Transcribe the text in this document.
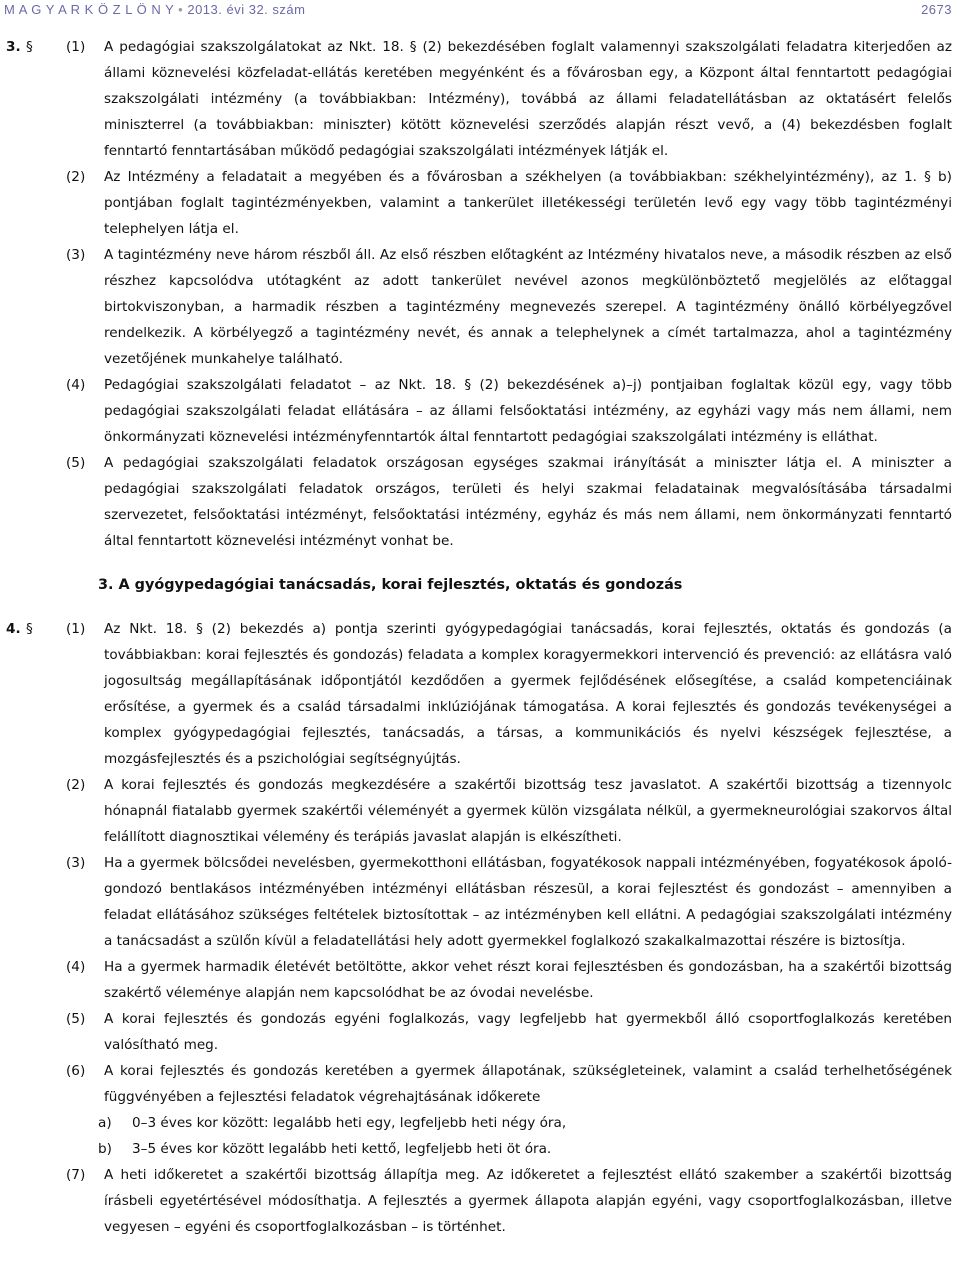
M A G Y A R K Ö Z L Ö N Y • 2013. évi 32. szám	2673
3. §	(1)	A pedagógiai szakszolgálatokat az Nkt. 18. § (2) bekezdésében foglalt valamennyi szakszolgálati feladatra kiterjedően az állami köznevelési közfeladat-ellátás keretében megyénként és a fővárosban egy, a Központ által fenntartott pedagógiai szakszolgálati intézmény (a továbbiakban: Intézmény), továbbá az állami feladatellátásban az oktatásért felelős miniszterrel (a továbbiakban: miniszter) kötött köznevelési szerződés alapján részt vevő, a (4) bekezdésben foglalt fenntartó fenntartásában működő pedagógiai szakszolgálati intézmények látják el.
(2)	Az Intézmény a feladatait a megyében és a fővárosban a székhelyen (a továbbiakban: székhelyintézmény), az 1. § b) pontjában foglalt tagintézményekben, valamint a tankerület illetékességi területén levő egy vagy több tagintézményi telephelyen látja el.
(3)	A tagintézmény neve három részből áll. Az első részben előtagként az Intézmény hivatalos neve, a második részben az első részhez kapcsolódva utótagként az adott tankerület nevével azonos megkülönböztető megjelölés az előtaggal birtokviszonyban, a harmadik részben a tagintézmény megnevezés szerepel. A tagintézmény önálló körbélyegzővel rendelkezik. A körbélyegző a tagintézmény nevét, és annak a telephelynek a címét tartalmazza, ahol a tagintézmény vezetőjének munkahelye található.
(4)	Pedagógiai szakszolgálati feladatot – az Nkt. 18. § (2) bekezdésének a)–j) pontjaiban foglaltak közül egy, vagy több pedagógiai szakszolgálati feladat ellátására – az állami felsőoktatási intézmény, az egyházi vagy más nem állami, nem önkormányzati köznevelési intézményfenntartók által fenntartott pedagógiai szakszolgálati intézmény is elláthat.
(5)	A pedagógiai szakszolgálati feladatok országosan egységes szakmai irányítását a miniszter látja el. A miniszter a pedagógiai szakszolgálati feladatok országos, területi és helyi szakmai feladatainak megvalósításába társadalmi szervezetet, felsőoktatási intézményt, felsőoktatási intézmény, egyház és más nem állami, nem önkormányzati fenntartó által fenntartott köznevelési intézményt vonhat be.
3. A gyógypedagógiai tanácsadás, korai fejlesztés, oktatás és gondozás
4. §	(1)	Az Nkt. 18. § (2) bekezdés a) pontja szerinti gyógypedagógiai tanácsadás, korai fejlesztés, oktatás és gondozás (a továbbiakban: korai fejlesztés és gondozás) feladata a komplex koragyermekkori intervenció és prevenció: az ellátásra való jogosultság megállapításának időpontjától kezdődően a gyermek fejlődésének elősegítése, a család kompetenciáinak erősítése, a gyermek és a család társadalmi inklúziójának támogatása. A korai fejlesztés és gondozás tevékenységei a komplex gyógypedagógiai fejlesztés, tanácsadás, a társas, a kommunikációs és nyelvi készségek fejlesztése, a mozgásfejlesztés és a pszichológiai segítségnyújtás.
(2)	A korai fejlesztés és gondozás megkezdésére a szakértői bizottság tesz javaslatot. A szakértői bizottság a tizennyolc hónapnál fiatalabb gyermek szakértői véleményét a gyermek külön vizsgálata nélkül, a gyermekneurológiai szakorvos által felállított diagnosztikai vélemény és terápiás javaslat alapján is elkészítheti.
(3)	Ha a gyermek bölcsődei nevelésben, gyermekotthoni ellátásban, fogyatékosok nappali intézményében, fogyatékosok ápoló-gondozó bentlakásos intézményében intézményi ellátásban részesül, a korai fejlesztést és gondozást – amennyiben a feladat ellátásához szükséges feltételek biztosítottak – az intézményben kell ellátni. A pedagógiai szakszolgálati intézmény a tanácsadást a szülőn kívül a feladatellátási hely adott gyermekkel foglalkozó szakalkalmazottai részére is biztosítja.
(4)	Ha a gyermek harmadik életévét betöltötte, akkor vehet részt korai fejlesztésben és gondozásban, ha a szakértői bizottság szakértő véleménye alapján nem kapcsolódhat be az óvodai nevelésbe.
(5)	A korai fejlesztés és gondozás egyéni foglalkozás, vagy legfeljebb hat gyermekből álló csoportfoglalkozás keretében valósítható meg.
(6)	A korai fejlesztés és gondozás keretében a gyermek állapotának, szükségleteinek, valamint a család terhelhetőségének függvényében a fejlesztési feladatok végrehajtásának időkerete
a)	0–3 éves kor között: legalább heti egy, legfeljebb heti négy óra,
b)	3–5 éves kor között legalább heti kettő, legfeljebb heti öt óra.
(7)	A heti időkeretet a szakértői bizottság állapítja meg. Az időkeretet a fejlesztést ellátó szakember a szakértői bizottság írásbeli egyetértésével módosíthatja. A fejlesztés a gyermek állapota alapján egyéni, vagy csoportfoglalkozásban, illetve vegyesen – egyéni és csoportfoglalkozásban – is történhet.
